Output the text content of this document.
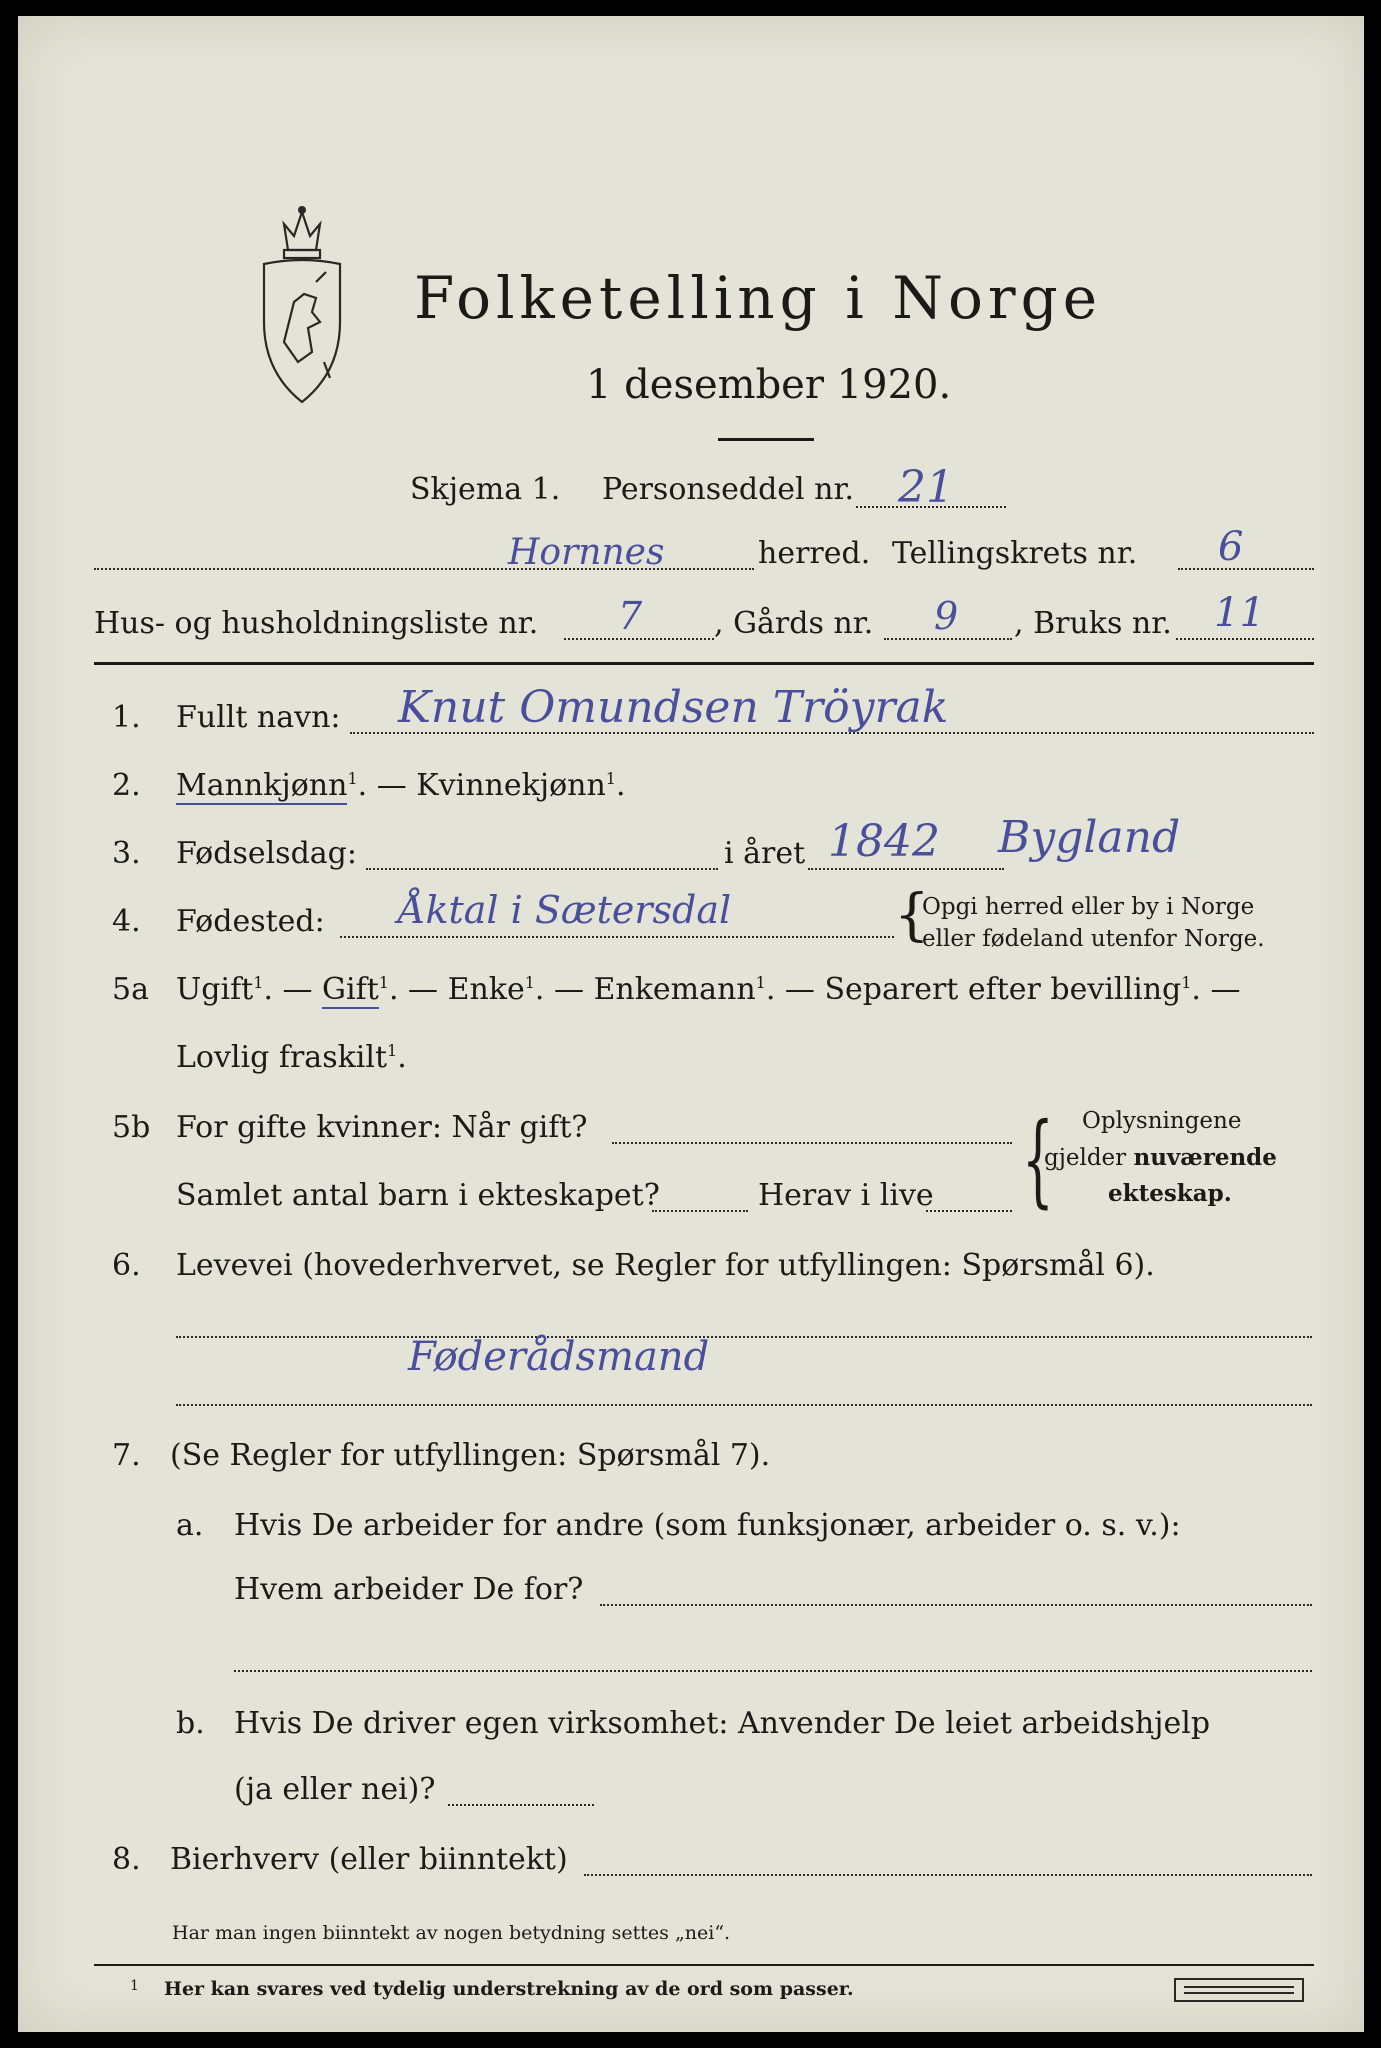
Folketelling i Norge
1 desember 1920.
Skjema 1. Personseddel nr. 21
Hornnes	herred. Tellingskrets nr. 6
Hus- og husholdningsliste nr. 7 , Gårds nr. 9 , Bruks nr. 11
1. Fullt navn: Knut Omundsen Tröyrak
2. Mannkjønn$^1$. — Kvinnekjønn$^1$.
3. Fødselsdag:	i året 1842 Bygland
4. Fødested: Åktal i Sætersdal	{
Opgi herred eller by i Norge
eller fødeland utenfor Norge.
5a Ugift$^1$. — Gift$^1$. — Enke$^1$. — Enkemann$^1$. — Separert efter bevilling$^1$. —
Lovlig fraskilt$^1$.
5b For gifte kvinner: Når gift?
Samlet antal barn i ekteskapet?	Herav i live { Oplysningene
gjelder nuværende
ekteskap.
6. Levevei (hovederhvervet, se Regler for utfyllingen: Spørsmål 6).
Føderådsmand
7. (Se Regler for utfyllingen: Spørsmål 7).
a. Hvis De arbeider for andre (som funksjonær, arbeider o. s. v.):
Hvem arbeider De for?
b. Hvis De driver egen virksomhet: Anvender De leiet arbeidshjelp
(ja eller nei)?
8. Bierhverv (eller biinntekt)
Har man ingen biinntekt av nogen betydning settes „nei“.
1 Her kan svares ved tydelig understrekning av de ord som passer.
